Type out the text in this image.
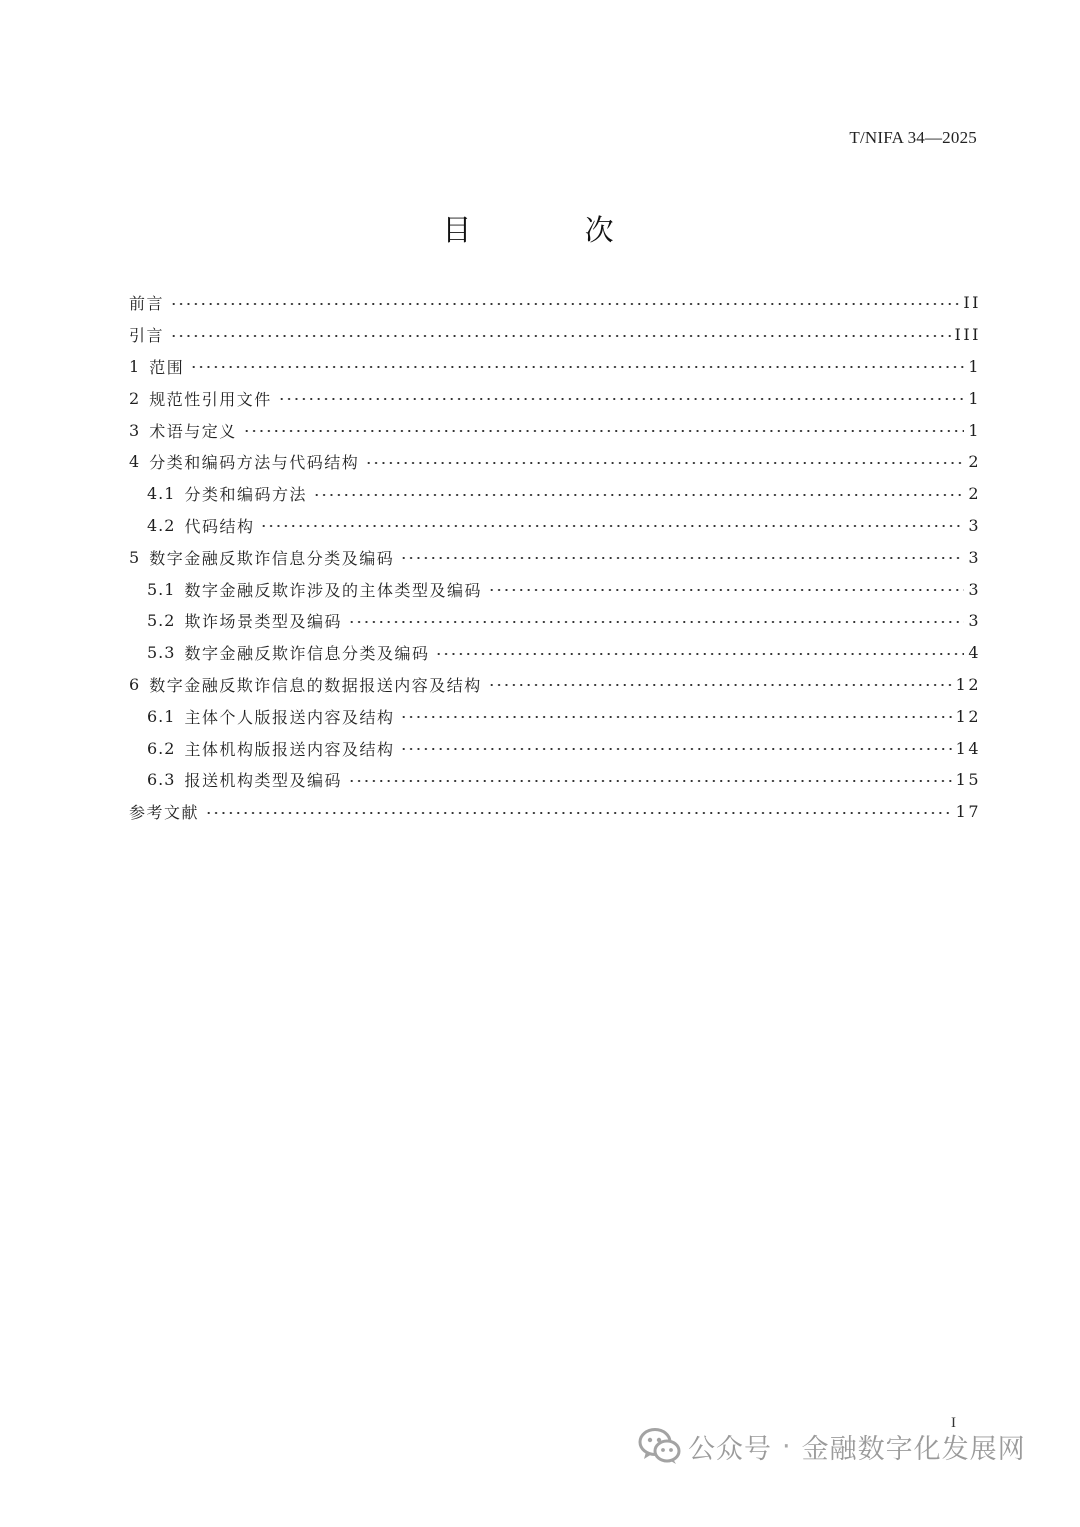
T/NIFA 34—2025
目 次
前言	II
引言	III
1 范围	1
2 规范性引用文件	1
3 术语与定义	1
4 分类和编码方法与代码结构	2
4.1 分类和编码方法	2
4.2 代码结构	3
5 数字金融反欺诈信息分类及编码	3
5.1 数字金融反欺诈涉及的主体类型及编码	3
5.2 欺诈场景类型及编码	3
5.3 数字金融反欺诈信息分类及编码	4
6 数字金融反欺诈信息的数据报送内容及结构	12
6.1 主体个人版报送内容及结构	12
6.2 主体机构版报送内容及结构	14
6.3 报送机构类型及编码	15
参考文献	17
I
公众号 · 金融数字化发展网
